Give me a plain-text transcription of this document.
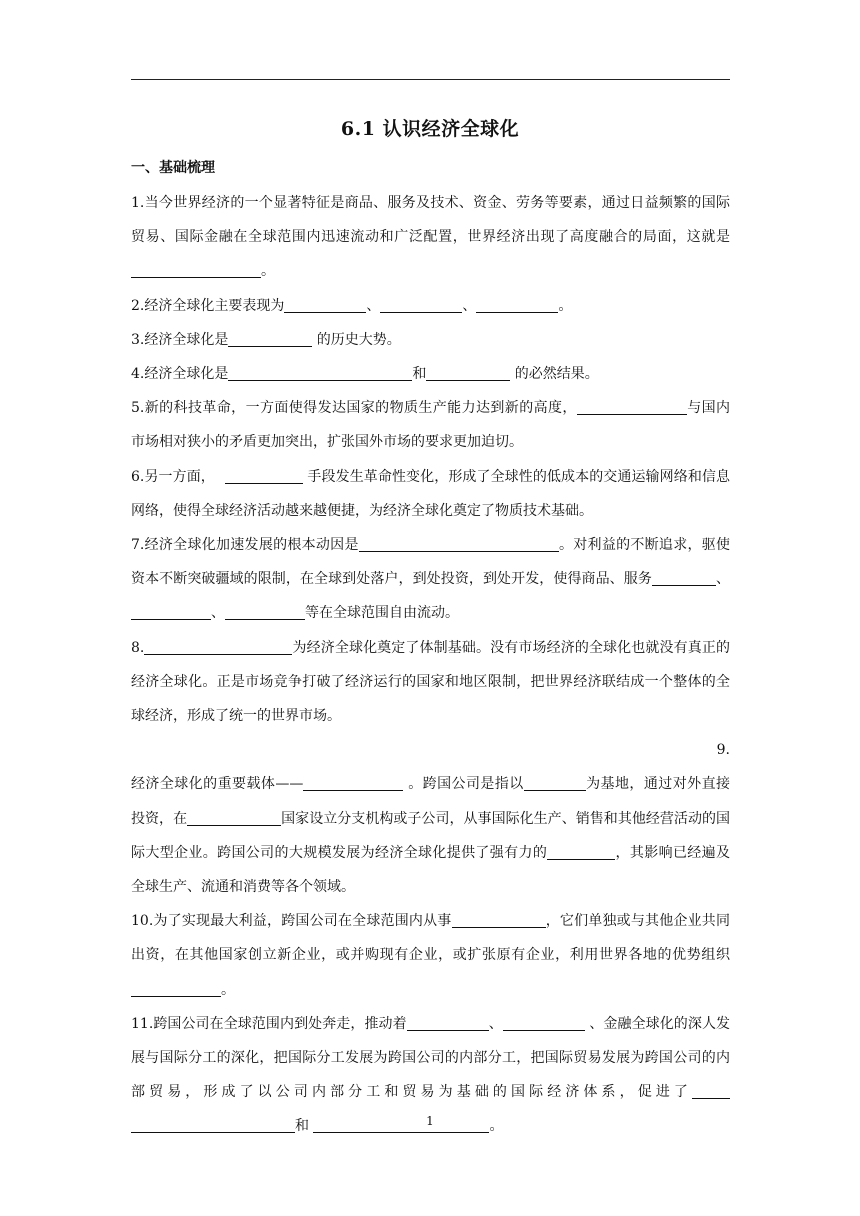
6.1 认识经济全球化
一、基础梳理

1.当今世界经济的一个显著特征是商品、服务及技术、资金、劳务等要素，通过日益频繁的国际贸易、国际金融在全球范围内迅速流动和广泛配置，世界经济出现了高度融合的局面，这就是。

2.经济全球化主要表现为	、	、	。

3.经济全球化是	的历史大势。

4.经济全球化是	和	的必然结果。

5.新的科技革命，一方面使得发达国家的物质生产能力达到新的高度，	与国内市场相对狭小的矛盾更加突出，扩张国外市场的要求更加迫切。

6.另一方面，	手段发生革命性变化，形成了全球性的低成本的交通运输网络和信息网络，使得全球经济活动越来越便捷，为经济全球化奠定了物质技术基础。

7.经济全球化加速发展的根本动因是	。对利益的不断追求，驱使资本不断突破疆域的限制，在全球到处落户，到处投资，到处开发，使得商品、服务	、、	等在全球范围自由流动。

8.	为经济全球化奠定了体制基础。没有市场经济的全球化也就没有真正的经济全球化。正是市场竞争打破了经济运行的国家和地区限制，把世界经济联结成一个整体的全球经济，形成了统一的世界市场。

9.

经济全球化的重要载体——	。跨国公司是指以	为基地，通过对外直接投资，在	国家设立分支机构或子公司，从事国际化生产、销售和其他经营活动的国际大型企业。跨国公司的大规模发展为经济全球化提供了强有力的	，其影响已经遍及全球生产、流通和消费等各个领域。

10.为了实现最大利益，跨国公司在全球范围内从事	，它们单独或与其他企业共同出资，在其他国家创立新企业，或并购现有企业，或扩张原有企业，利用世界各地的优势组织。

11.跨国公司在全球范围内到处奔走，推动着	、	、金融全球化的深人发展与国际分工的深化，把国际分工发展为跨国公司的内部分工，把国际贸易发展为跨国公司的内部贸易，形成了以公司内部分工和贸易为基础的国际经济体系，促进了和	。

1
